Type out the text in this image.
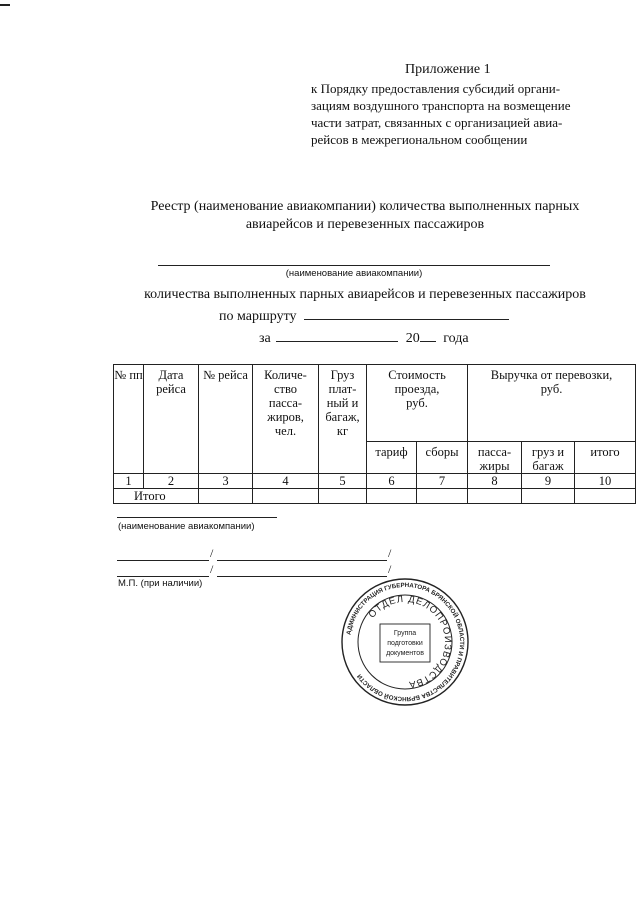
Приложение 1
к Порядку предоставления субсидий органи-
зациям воздушного транспорта на возмещение
части затрат, связанных с организацией авиа-
рейсов в межрегиональном сообщении
Реестр (наименование авиакомпании) количества выполненных парных
авиарейсов и перевезенных пассажиров
(наименование авиакомпании)
количества выполненных парных авиарейсов и перевезенных пассажиров
по маршруту
за	20 года
№ пп	Дата рейса	№ рейса	Количе-ство пасса-жиров, чел.	Груз плат-ный и багаж, кг	Стоимость проезда, руб.		Выручка от перевозки, руб.		
					тариф	сборы	пасса-жиры	груз и багаж	итого
1	2	3	4	5	6	7	8	9	10
Итого									
(наименование авиакомпании)
/	/
/	/
М.П. (при наличии)
АДМИНИСТРАЦИЯ ГУБЕРНАТОРА БРЯНСКОЙ ОБЛАСТИ И ПРАВИТЕЛЬСТВА БРЯНСКОЙ ОБЛАСТИ
ОТДЕЛ ДЕЛОПРОИЗВОДСТВА
Группа
подготовки
документов
